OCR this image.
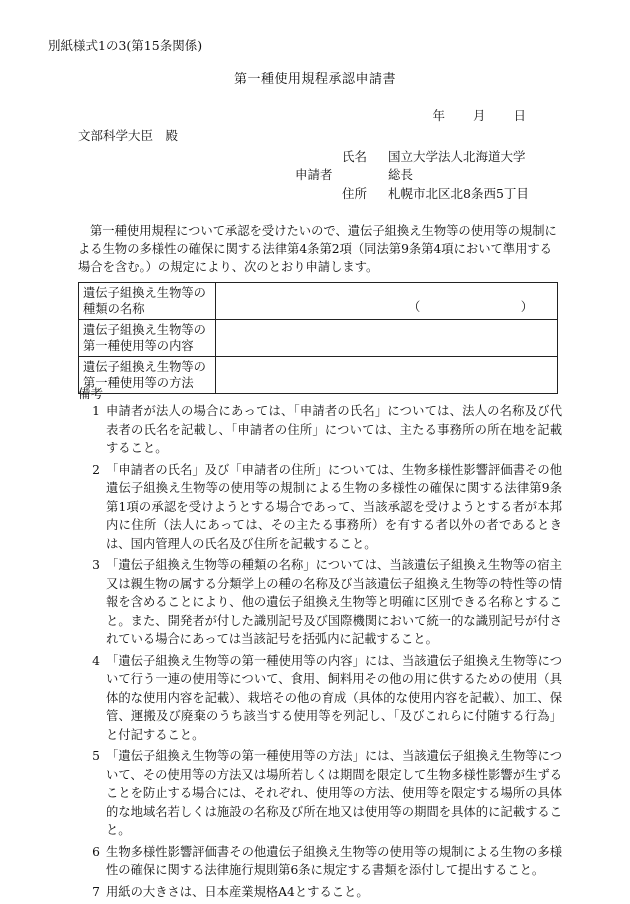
別紙様式1の3(第15条関係)
第一種使用規程承認申請書
年 月 日
文部科学大臣　殿
氏名 国立大学法人北海道大学
申請者	総長
住所 札幌市北区北8条西5丁目
第一種使用規程について承認を受けたいので、遺伝子組換え生物等の使用等の規制による生物の多様性の確保に関する法律第4条第2項（同法第9条第4項において準用する場合を含む。）の規定により、次のとおり申請します。
遺伝子組換え生物等の種類の名称	（ ）

遺伝子組換え生物等の第一種使用等の内容	
遺伝子組換え生物等の第一種使用等の方法	
備考
1 申請者が法人の場合にあっては、「申請者の氏名」については、法人の名称及び代表者の氏名を記載し、「申請者の住所」については、主たる事務所の所在地を記載すること。
2 「申請者の氏名」及び「申請者の住所」については、生物多様性影響評価書その他遺伝子組換え生物等の使用等の規制による生物の多様性の確保に関する法律第9条第1項の承認を受けようとする場合であって、当該承認を受けようとする者が本邦内に住所（法人にあっては、その主たる事務所）を有する者以外の者であるときは、国内管理人の氏名及び住所を記載すること。
3 「遺伝子組換え生物等の種類の名称」については、当該遺伝子組換え生物等の宿主又は親生物の属する分類学上の種の名称及び当該遺伝子組換え生物等の特性等の情報を含めることにより、他の遺伝子組換え生物等と明確に区別できる名称とすること。また、開発者が付した識別記号及び国際機関において統一的な識別記号が付されている場合にあっては当該記号を括弧内に記載すること。
4 「遺伝子組換え生物等の第一種使用等の内容」には、当該遺伝子組換え生物等について行う一連の使用等について、食用、飼料用その他の用に供するための使用（具体的な使用内容を記載）、栽培その他の育成（具体的な使用内容を記載）、加工、保管、運搬及び廃棄のうち該当する使用等を列記し、「及びこれらに付随する行為」と付記すること。
5 「遺伝子組換え生物等の第一種使用等の方法」には、当該遺伝子組換え生物等について、その使用等の方法又は場所若しくは期間を限定して生物多様性影響が生ずることを防止する場合には、それぞれ、使用等の方法、使用等を限定する場所の具体的な地域名若しくは施設の名称及び所在地又は使用等の期間を具体的に記載すること。
6 生物多様性影響評価書その他遺伝子組換え生物等の使用等の規制による生物の多様性の確保に関する法律施行規則第6条に規定する書類を添付して提出すること。
7 用紙の大きさは、日本産業規格A4とすること。
